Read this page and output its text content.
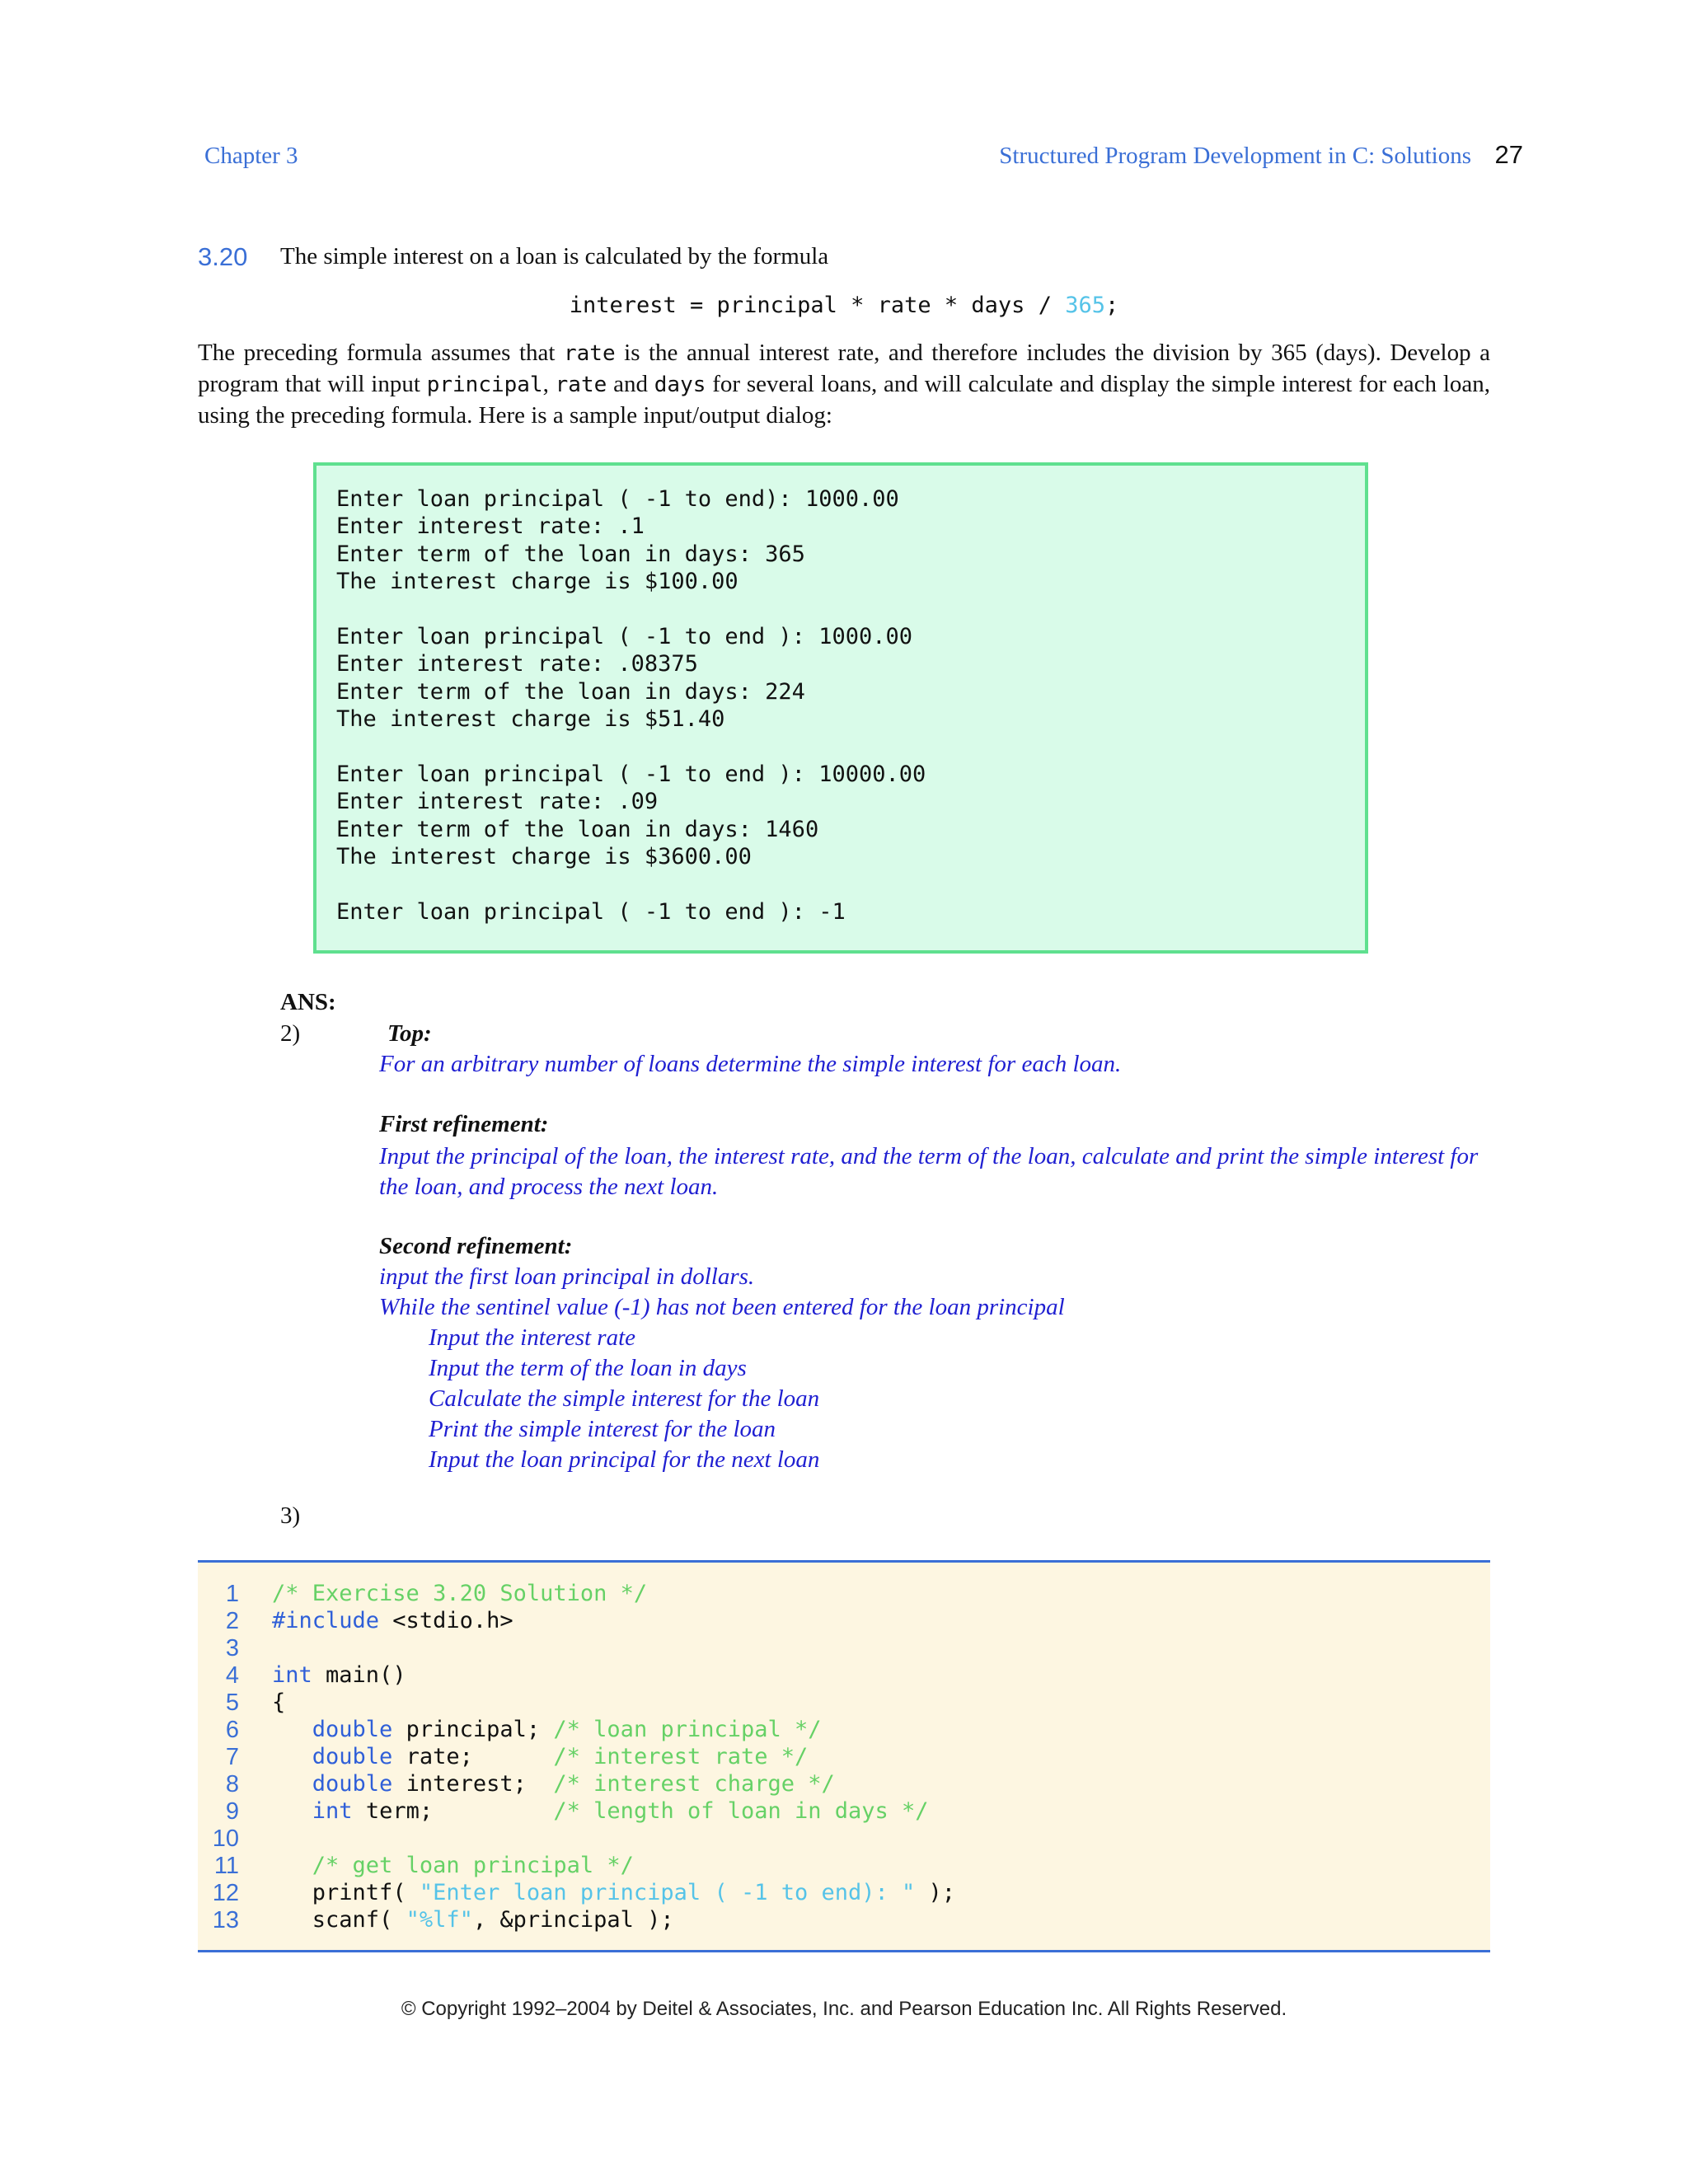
Chapter 3	Structured Program Development in C: Solutions 27
3.20 The simple interest on a loan is calculated by the formula
interest = principal * rate * days / 365;
The preceding formula assumes that rate is the annual interest rate, and therefore includes the division by 365 (days). Develop a program that will input principal, rate and days for several loans, and will calculate and display the simple interest for each loan, using the preceding formula. Here is a sample input/output dialog:
Enter loan principal ( -1 to end): 1000.00
Enter interest rate: .1
Enter term of the loan in days: 365
The interest charge is $100.00

Enter loan principal ( -1 to end ): 1000.00
Enter interest rate: .08375
Enter term of the loan in days: 224
The interest charge is $51.40

Enter loan principal ( -1 to end ): 10000.00
Enter interest rate: .09
Enter term of the loan in days: 1460
The interest charge is $3600.00

Enter loan principal ( -1 to end ): -1
ANS:
2)	Top:
For an arbitrary number of loans determine the simple interest for each loan.
First refinement:
Input the principal of the loan, the interest rate, and the term of the loan, calculate and print the simple interest for the loan, and process the next loan.
Second refinement:
input the first loan principal in dollars.
While the sentinel value (-1) has not been entered for the loan principal
Input the interest rate
Input the term of the loan in days
Calculate the simple interest for the loan
Print the simple interest for the loan
Input the loan principal for the next loan
3)
1
2
3
4
5
6
7
8
9
10
11
12
13
/* Exercise 3.20 Solution */
#include <stdio.h>
int main()
{
double principal; /* loan principal */
double rate;      /* interest rate */
double interest;  /* interest charge */
int term;         /* length of loan in days */
/* get loan principal */
printf( "Enter loan principal ( -1 to end): " );
scanf( "%lf", &principal );
© Copyright 1992–2004 by Deitel & Associates, Inc. and Pearson Education Inc. All Rights Reserved.
